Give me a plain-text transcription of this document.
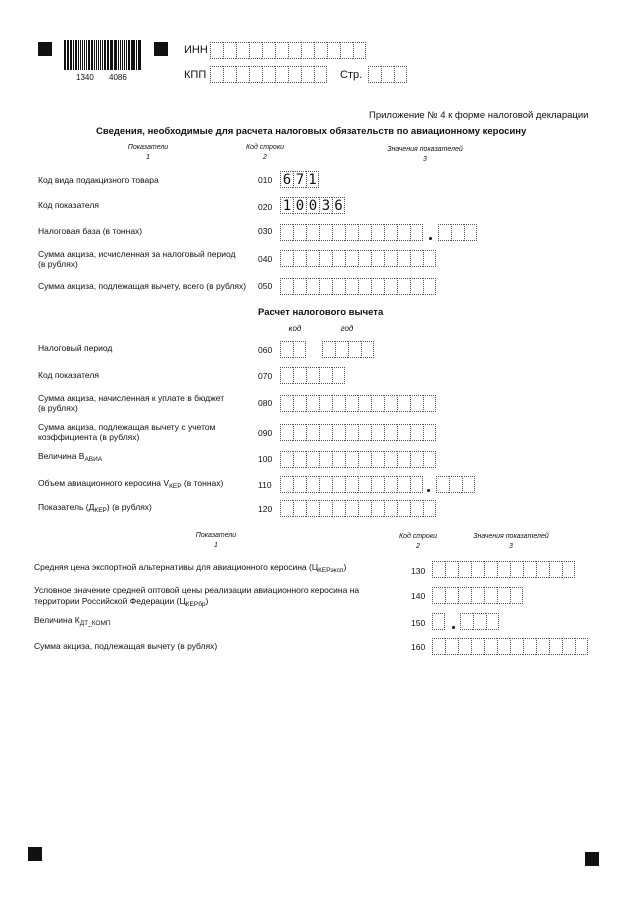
1340 4086
ИНН
КПП	Стр.
Приложение № 4 к форме налоговой декларации
Сведения, необходимые для расчета налоговых обязательств по авиационному керосину
Показатели
1
Код строки
2
Значения показателей
3
Код вида подакцизного товара	010 6 7 1
Код показателя	020 1 0 0 3 6
Налоговая база (в тоннах)	030
Сумма акциза, исчисленная за налоговый период
(в рублях)	040
Сумма акциза, подлежащая вычету, всего (в рублях) 050
Расчет налогового вычета
код	год
Налоговый период	060
Код показателя	070
Сумма акциза, начисленная к уплате в бюджет
(в рублях)	080
Сумма акциза, подлежащая вычету с учетом
коэффициента (в рублях)	090
Величина $В_{АВИА}$	100
Объем авиационного керосина $V_{КЕР}$ (в тоннах)	110
Показатель $(Д_{КЕР})$ (в рублях)	120
Показатели
1
Код строки
2
Значения показателей
3
Средняя цена экспортной альтернативы для авиационного керосина $(Ц_{КЕРэксп})$	130
Условное значение средней оптовой цены реализации авиационного керосина на
территории Российской Федерации $(Ц_{КЕРбр})$	140
Величина $К_{ДТ\_КОМП}$	150
Сумма акциза, подлежащая вычету (в рублях)	160
